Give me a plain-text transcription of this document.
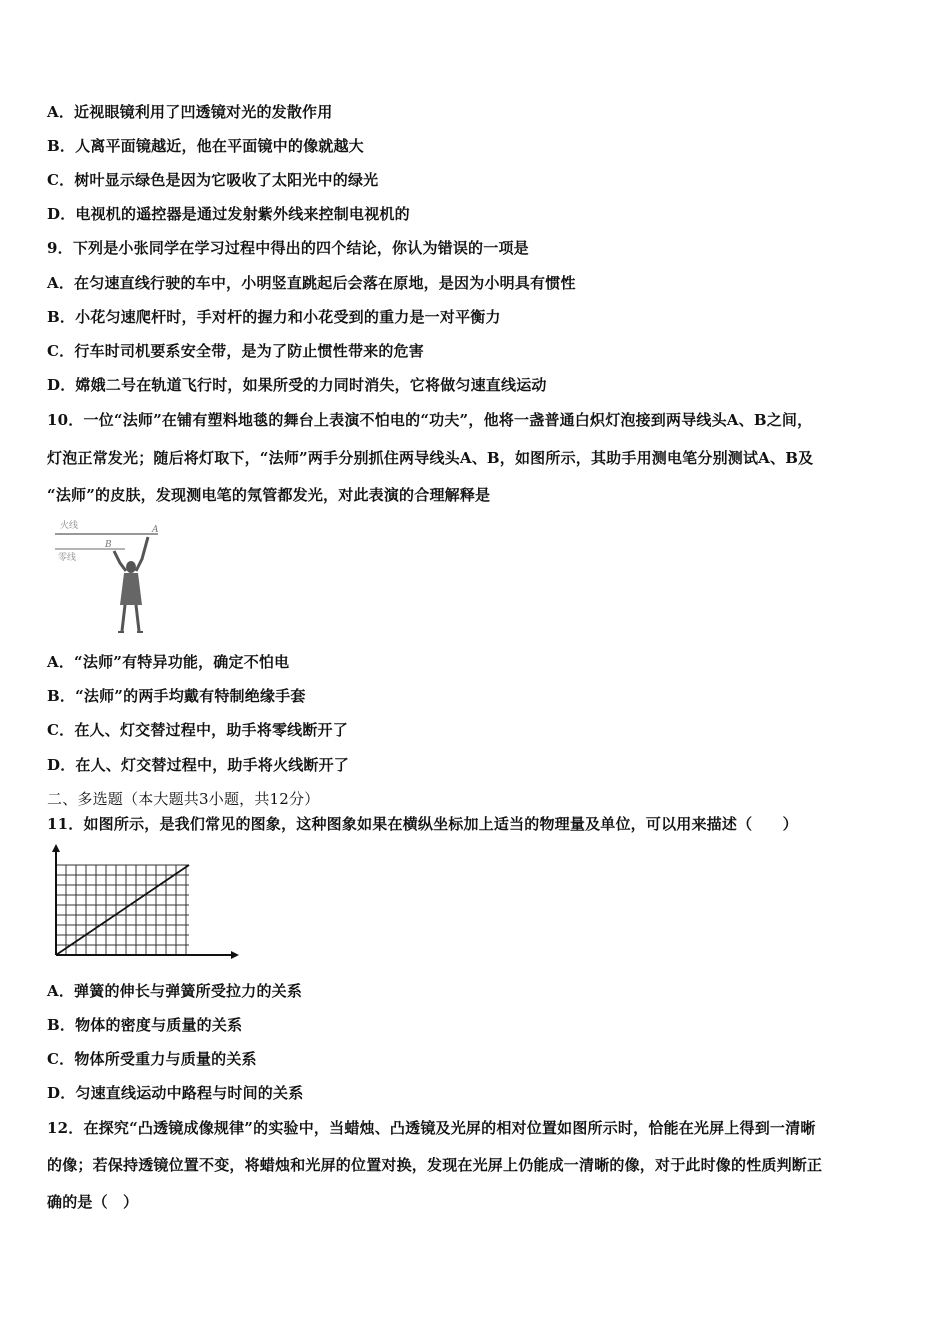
A．近视眼镜利用了凹透镜对光的发散作用
B．人离平面镜越近，他在平面镜中的像就越大
C．树叶显示绿色是因为它吸收了太阳光中的绿光
D．电视机的遥控器是通过发射紫外线来控制电视机的
9．下列是小张同学在学习过程中得出的四个结论，你认为错误的一项是
A．在匀速直线行驶的车中，小明竖直跳起后会落在原地，是因为小明具有惯性
B．小花匀速爬杆时，手对杆的握力和小花受到的重力是一对平衡力
C．行车时司机要系安全带，是为了防止惯性带来的危害
D．嫦娥二号在轨道飞行时，如果所受的力同时消失，它将做匀速直线运动
10．一位“法师”在铺有塑料地毯的舞台上表演不怕电的“功夫”，他将一盏普通白炽灯泡接到两导线头A、B之间，
灯泡正常发光；随后将灯取下，“法师”两手分别抓住两导线头A、B，如图所示，其助手用测电笔分别测试A、B及
“法师”的皮肤，发现测电笔的氖管都发光，对此表演的合理解释是
火线
零线
A
B
A．“法师”有特异功能，确定不怕电
B．“法师”的两手均戴有特制绝缘手套
C．在人、灯交替过程中，助手将零线断开了
D．在人、灯交替过程中，助手将火线断开了
二、多选题（本大题共3小题，共12分）
11．如图所示，是我们常见的图象，这种图象如果在横纵坐标加上适当的物理量及单位，可以用来描述（　　）
A．弹簧的伸长与弹簧所受拉力的关系
B．物体的密度与质量的关系
C．物体所受重力与质量的关系
D．匀速直线运动中路程与时间的关系
12．在探究“凸透镜成像规律”的实验中，当蜡烛、凸透镜及光屏的相对位置如图所示时，恰能在光屏上得到一清晰
的像；若保持透镜位置不变，将蜡烛和光屏的位置对换，发现在光屏上仍能成一清晰的像，对于此时像的性质判断正
确的是（　）
